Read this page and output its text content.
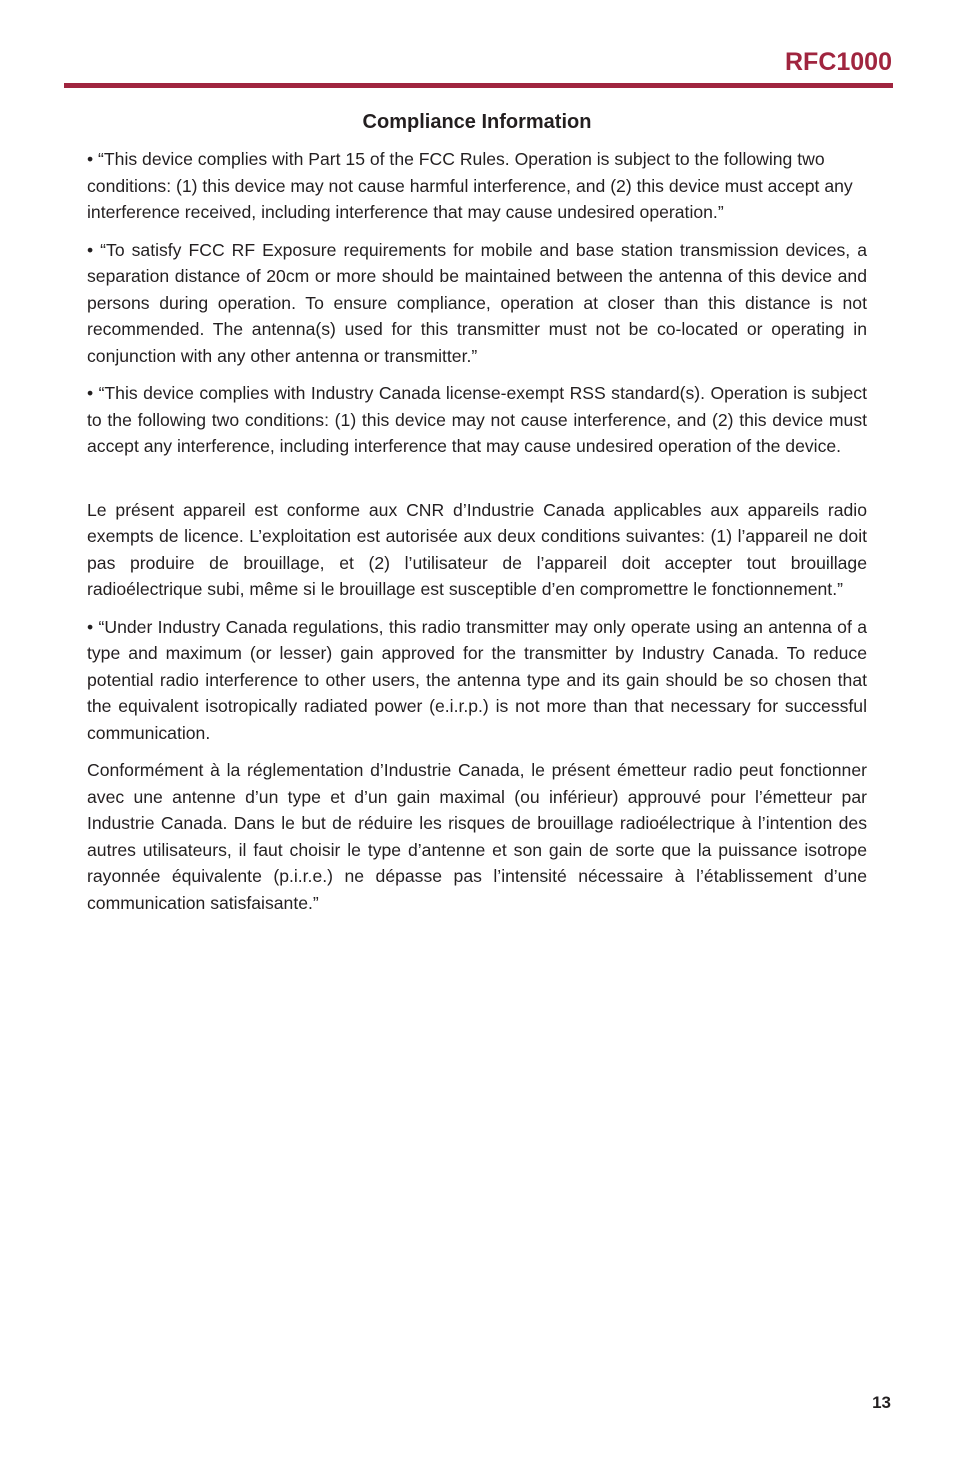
RFC1000
Compliance Information

• “This device complies with Part 15 of the FCC Rules. Operation is subject to the following two conditions: (1) this device may not cause harmful interference, and (2) this device must accept any interference received, including interference that may cause undesired operation.”

• “To satisfy FCC RF Exposure requirements for mobile and base station transmission devices, a separation distance of 20cm or more should be maintained between the antenna of this device and persons during operation. To ensure compliance, operation at closer than this distance is not recommended. The antenna(s) used for this transmitter must not be co-located or operating in conjunction with any other antenna or transmitter.”

• “This device complies with Industry Canada license-exempt RSS standard(s). Operation is subject to the following two conditions: (1) this device may not cause interference, and (2) this device must accept any interference, including interference that may cause undesired operation of the device.

Le présent appareil est conforme aux CNR d’Industrie Canada applicables aux appareils radio exempts de licence. L’exploitation est autorisée aux deux conditions suivantes: (1) l’appareil ne doit pas produire de brouillage, et (2) l’utilisateur de l’appareil doit accepter tout brouillage radioélectrique subi, même si le brouillage est susceptible d’en compromettre le fonctionnement.”

• “Under Industry Canada regulations, this radio transmitter may only operate using an antenna of a type and maximum (or lesser) gain approved for the transmitter by Industry Canada. To reduce potential radio interference to other users, the antenna type and its gain should be so chosen that the equivalent isotropically radiated power (e.i.r.p.) is not more than that necessary for successful communication.

Conformément à la réglementation d’Industrie Canada, le présent émetteur radio peut fonctionner avec une antenne d’un type et d’un gain maximal (ou inférieur) approuvé pour l’émetteur par Industrie Canada. Dans le but de réduire les risques de brouillage radioélectrique à l’intention des autres utilisateurs, il faut choisir le type d’antenne et son gain de sorte que la puissance isotrope rayonnée équivalente (p.i.r.e.) ne dépasse pas l’intensité nécessaire à l’établissement d’une communication satisfaisante.”

13
